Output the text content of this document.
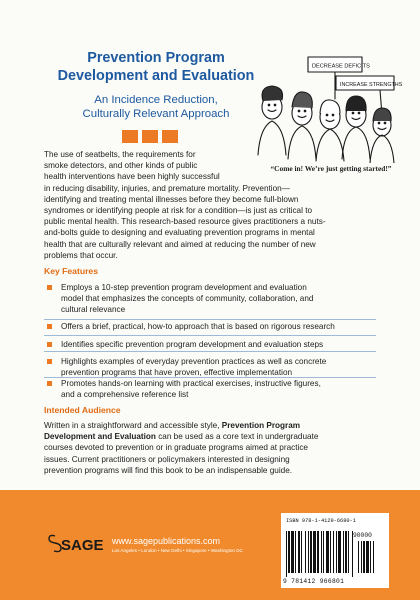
Prevention Program
Development and Evaluation
An Incidence Reduction,
Culturally Relevant Approach
DECREASE DEFICITS
INCREASE STRENGTHS
“Come in! We’re just getting started!”
The use of seatbelts, the requirements for
smoke detectors, and other kinds of public
health interventions have been highly successful
in reducing disability, injuries, and premature mortality. Prevention—
identifying and treating mental illnesses before they become full-blown
syndromes or identifying people at risk for a condition—is just as critical to
public mental health. This research-based resource gives practitioners a nuts-
and-bolts guide to designing and evaluating prevention programs in mental
health that are culturally relevant and aimed at reducing the number of new
problems that occur.
Key Features
Employs a 10-step prevention program development and evaluation
model that emphasizes the concepts of community, collaboration, and
cultural relevance
Offers a brief, practical, how-to approach that is based on rigorous research
Identifies specific prevention program development and evaluation steps
Highlights examples of everyday prevention practices as well as concrete
prevention programs that have proven, effective implementation
Promotes hands-on learning with practical exercises, instructive figures,
and a comprehensive reference list
Intended Audience
Written in a straightforward and accessible style, Prevention Program
Development and Evaluation can be used as a core text in undergraduate
courses devoted to prevention or in graduate programs aimed at practice
issues. Current practitioners or policymakers interested in designing
prevention programs will find this book to be an indispensable guide.
SAGE www.sagepublications.com
Los Angeles • London • New Delhi • Singapore • Washington DC
ISBN 978-1-4129-6680-1
90000
9 781412 966801
